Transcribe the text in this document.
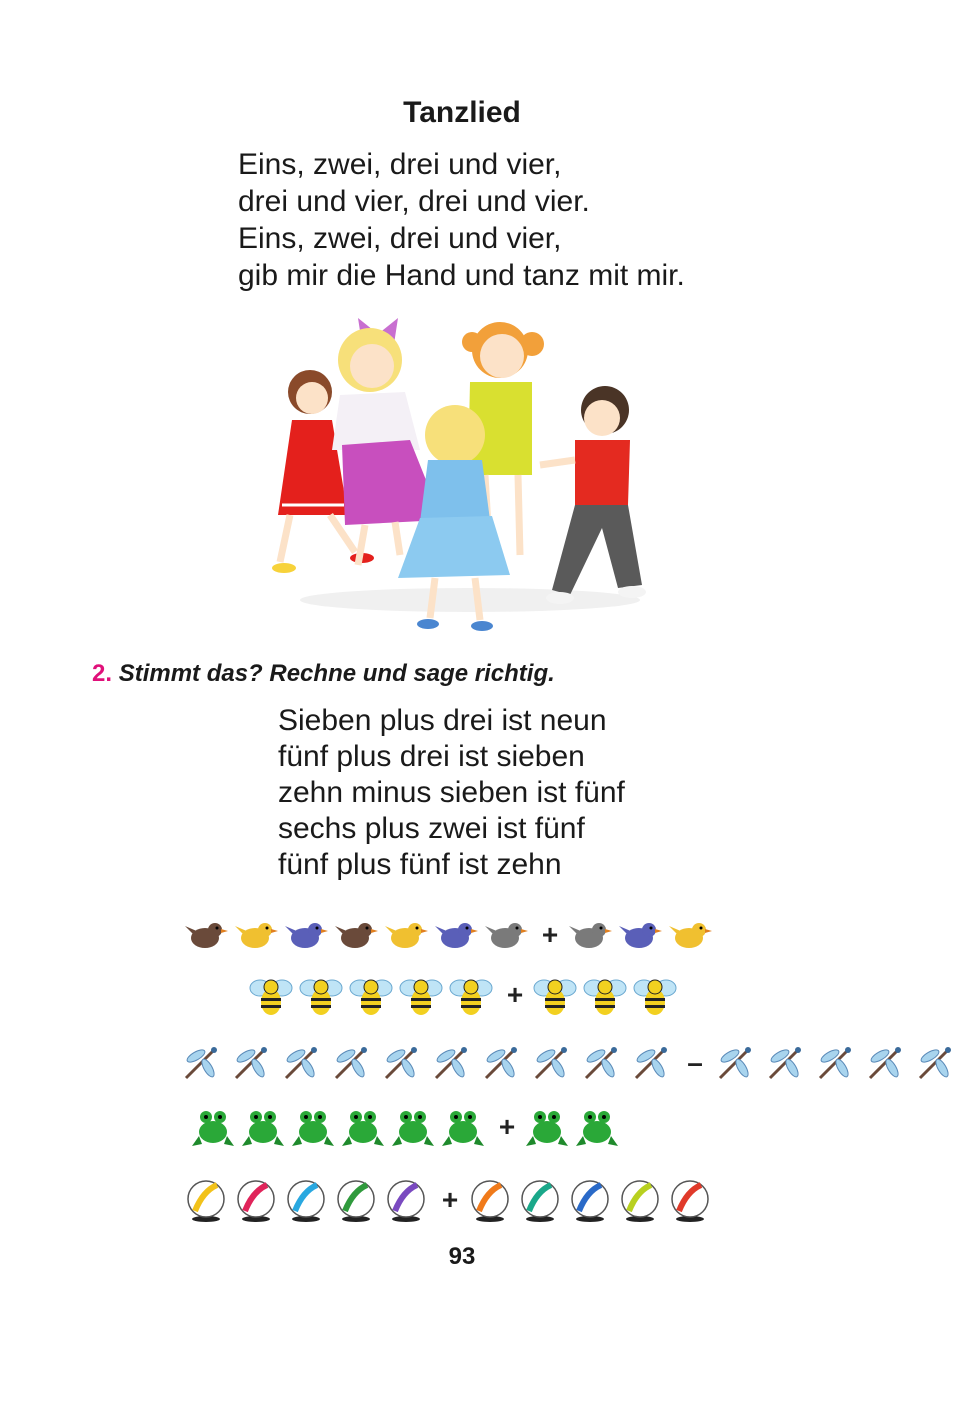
Tanzlied
Eins, zwei, drei und vier,
drei und vier, drei und vier.
Eins, zwei, drei und vier,
gib mir die Hand und tanz mit mir.
2. Stimmt das? Rechne und sage richtig.
Sieben plus drei ist neun
fünf plus drei ist sieben
zehn minus sieben ist fünf
sechs plus zwei ist fünf
fünf plus fünf ist zehn
+
+
–
+
+
93
